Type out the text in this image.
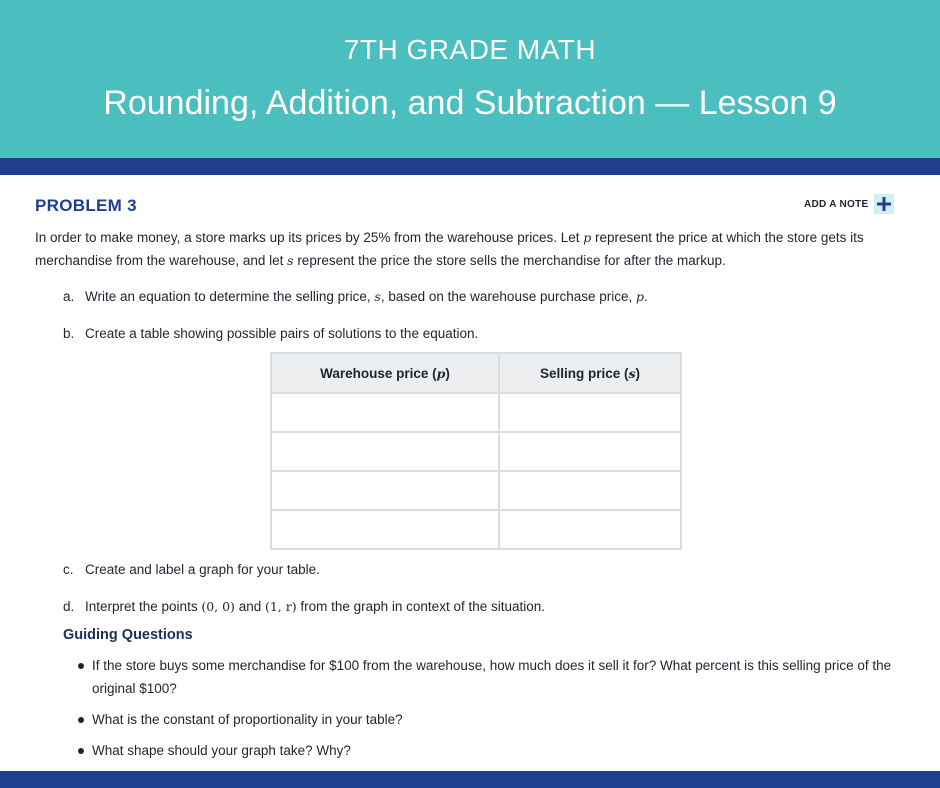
7TH GRADE MATH
Rounding, Addition, and Subtraction — Lesson 9
PROBLEM 3	ADD A NOTE

In order to make money, a store marks up its prices by 25% from the warehouse prices. Let p represent the price at which the store gets its merchandise from the warehouse, and let s represent the price the store sells the merchandise for after the markup.

a. Write an equation to determine the selling price, s, based on the warehouse purchase price, p.
b. Create a table showing possible pairs of solutions to the equation.
Warehouse price (p)	Selling price (s)

c. Create and label a graph for your table.
d. Interpret the points (0, 0) and (1, r) from the graph in context of the situation.
Guiding Questions
If the store buys some merchandise for $100 from the warehouse, how much does it sell it for? What percent is this selling price of the original $100?
What is the constant of proportionality in your table?
What shape should your graph take? Why?
